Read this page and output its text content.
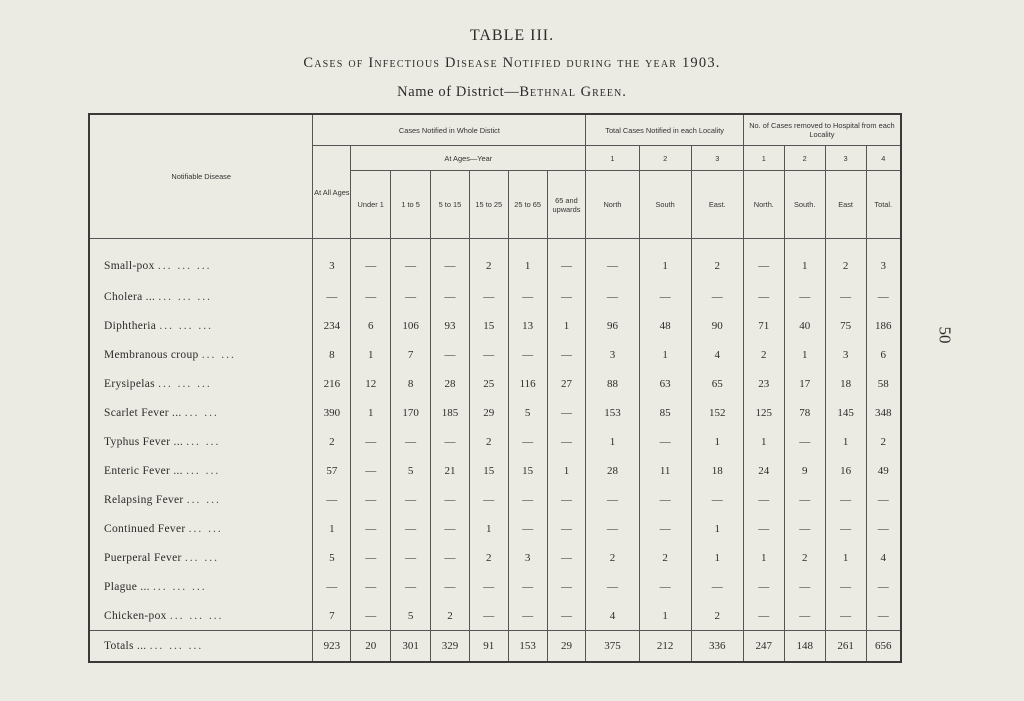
TABLE III.
Cases of Infectious Disease Notified during the year 1903.
Name of District—Bethnal Green.
50
Notifiable Disease	Cases Notified in Whole Distict							Total Cases Notified in each Locality			No. of Cases removed to Hospital from each Locality			
	At All Ages	At Ages—Year						1	2	3	1	2	3	4
		Under 1	1 to 5	5 to 15	15 to 25	25 to 65	65 and upwards	North	South	East.	North.	South.	East	Total.
Small-pox ... ... ...	3	—	—	—	2	1	—	—	1	2	—	1	2	3
Cholera ... ... ... ...	—	—	—	—	—	—	—	—	—	—	—	—	—	—
Diphtheria ... ... ...	234	6	106	93	15	13	1	96	48	90	71	40	75	186
Membranous croup ... ...	8	1	7	—	—	—	—	3	1	4	2	1	3	6
Erysipelas ... ... ...	216	12	8	28	25	116	27	88	63	65	23	17	18	58
Scarlet Fever ... ... ...	390	1	170	185	29	5	—	153	85	152	125	78	145	348
Typhus Fever ... ... ...	2	—	—	—	2	—	—	1	—	1	1	—	1	2
Enteric Fever ... ... ...	57	—	5	21	15	15	1	28	11	18	24	9	16	49
Relapsing Fever ... ...	—	—	—	—	—	—	—	—	—	—	—	—	—	—
Continued Fever ... ...	1	—	—	—	1	—	—	—	—	1	—	—	—	—
Puerperal Fever ... ...	5	—	—	—	2	3	—	2	2	1	1	2	1	4
Plague ... ... ... ...	—	—	—	—	—	—	—	—	—	—	—	—	—	—
Chicken-pox ... ... ...	7	—	5	2	—	—	—	4	1	2	—	—	—	—
Totals ... ... ... ...	923	20	301	329	91	153	29	375	212	336	247	148	261	656
